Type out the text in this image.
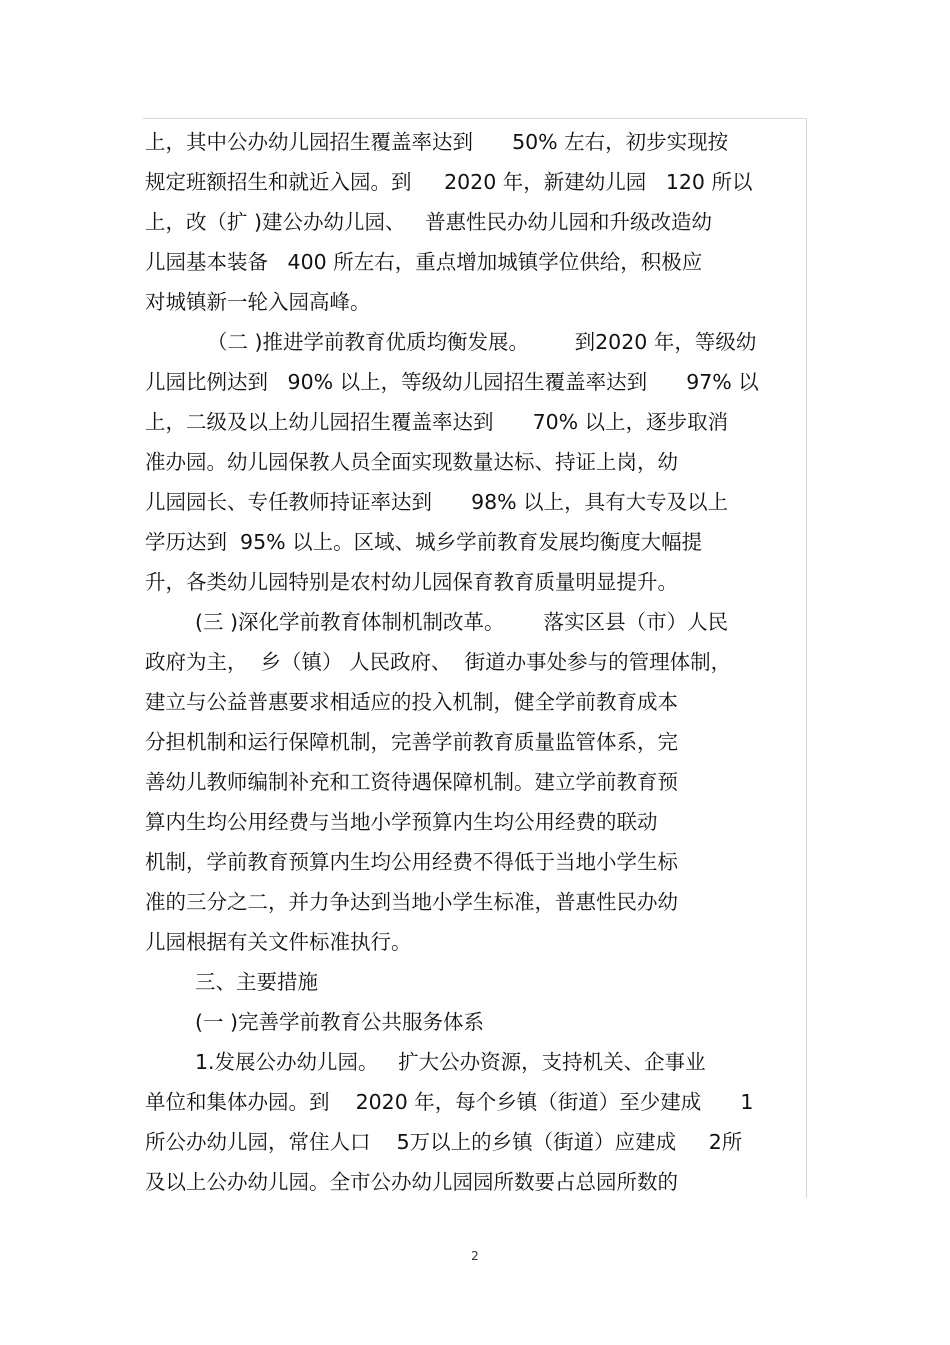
上，其中公办幼儿园招生覆盖率达到      50% 左右，初步实现按
规定班额招生和就近入园。到     2020 年，新建幼儿园   120 所以
上，改（扩 )建公办幼儿园、   普惠性民办幼儿园和升级改造幼
儿园基本装备   400 所左右，重点增加城镇学位供给，积极应
对城镇新一轮入园高峰。
（二 )推进学前教育优质均衡发展。       到2020 年，等级幼
儿园比例达到   90% 以上，等级幼儿园招生覆盖率达到      97% 以
上，二级及以上幼儿园招生覆盖率达到      70% 以上，逐步取消
准办园。幼儿园保教人员全面实现数量达标、持证上岗，幼
儿园园长、专任教师持证率达到      98% 以上，具有大专及以上
学历达到  95% 以上。区域、城乡学前教育发展均衡度大幅提
升，各类幼儿园特别是农村幼儿园保育教育质量明显提升。
(三 )深化学前教育体制机制改革。      落实区县（市）人民
政府为主，  乡（镇） 人民政府、  街道办事处参与的管理体制，
建立与公益普惠要求相适应的投入机制，健全学前教育成本
分担机制和运行保障机制，完善学前教育质量监管体系，完
善幼儿教师编制补充和工资待遇保障机制。建立学前教育预
算内生均公用经费与当地小学预算内生均公用经费的联动
机制，学前教育预算内生均公用经费不得低于当地小学生标
准的三分之二，并力争达到当地小学生标准，普惠性民办幼
儿园根据有关文件标准执行。
三、主要措施
(一 )完善学前教育公共服务体系
1.发展公办幼儿园。   扩大公办资源，支持机关、企事业
单位和集体办园。到    2020 年，每个乡镇（街道）至少建成      1
所公办幼儿园，常住人口    5万以上的乡镇（街道）应建成     2所
及以上公办幼儿园。全市公办幼儿园园所数要占总园所数的
2
